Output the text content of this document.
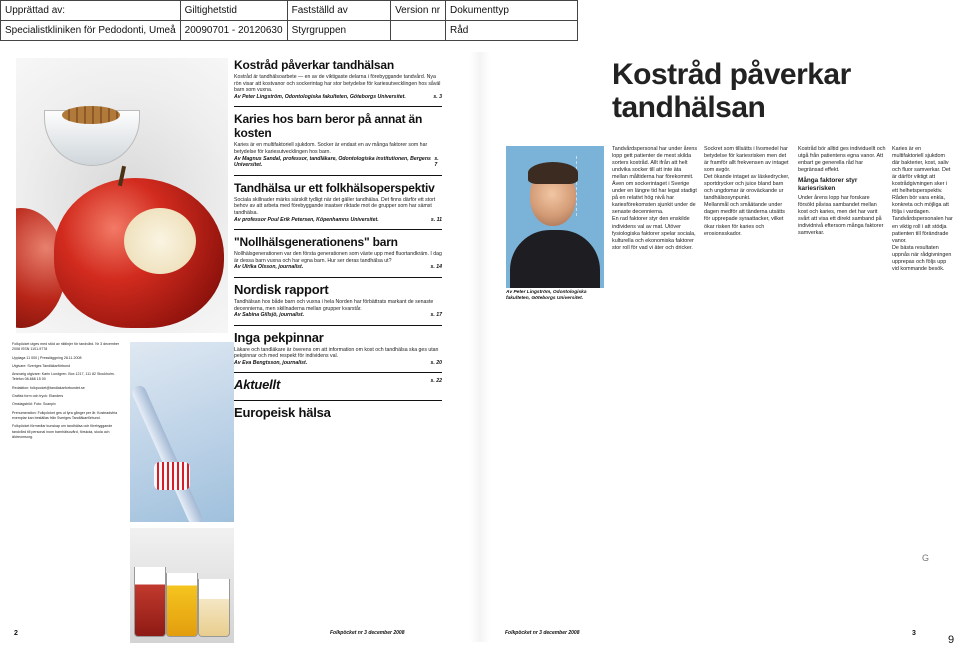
Upprättad av:	Giltighetstid	Fastställd av	Version nr	Dokumenttyp
Specialistkliniken för Pedodonti, Umeå	20090701 - 20120630	Styrgruppen		Råd

Folkpöcket utges med stöd av riktlinjer för tandvård. Nr 3 december 2008 ISSN 1101-9778

Upplaga 11 000 | Pressläggning 28.11.2008

Utgivare: Sveriges Tandläkarförbund

Ansvarig utgivare: Karin Lundgren. Box 1217, 111 82 Stockholm. Telefon 08-666 15 00

Redaktion: folkpocket@tandlakarforbundet.se

Grafisk form och tryck: Elanders

Omslagsbild: Foto: Scanpix

Prenumeration: Folkpöcket ges ut fyra gånger per år. Kostnadsfria exemplar kan beställas från Sveriges Tandläkarförbund.

Folkpöcket förmedlar kunskap om tandhälsa och förebyggande tandvård till personal inom barnhälsovård, förskola, skola och äldreomsorg.

Kostråd påverkar tandhälsan
Kostråd är tandhälsoarbete — en av de viktigaste delarna i förebyggande tandvård. Nya rön visar att kostvanor och sockerintag har stor betydelse för kariesutvecklingen hos såväl barn som vuxna.
Av Peter Lingström, Odontologiska fakulteten, Göteborgs Universitet.	s. 3
Karies hos barn beror på annat än kosten
Karies är en multifaktoriell sjukdom. Socker är endast en av många faktorer som har betydelse för kariesutvecklingen hos barn.
Av Magnus Sandal, professor, tandläkare, Odontologiska institutionen, Bergens Universitet.
s. 7
Tandhälsa ur ett folkhälsoperspektiv
Sociala skillnader märks särskilt tydligt när det gäller tandhälsa. Det finns därför ett stort behov av att arbeta med förebyggande insatser riktade mot de grupper som har sämst tandhälsa.
Av professor Poul Erik Petersen, Köpenhamns Universitet.	s. 11
"Nollhälsgenerationens" barn
Nollhälsgenerationen var den första generationen som växte upp med fluortandkräm. I dag är dessa barn vuxna och har egna barn. Hur ser deras tandhälsa ut?
Av Ulrika Olsson, journalist.	s. 14
Nordisk rapport
Tandhälsan hos både barn och vuxna i hela Norden har förbättrats markant de senaste decennierna, men skillnaderna mellan grupper kvarstår.
Av Sabina Gillsjö, journalist.	s. 17
Inga pekpinnar
Läkare och tandläkare är överens om att information om kost och tandhälsa ska ges utan pekpinnar och med respekt för individens val.
Av Eva Bengtsson, journalist.	s. 20
Aktuellt	s. 22
Europeisk hälsa
2	Folkpöcket nr 3 december 2008	Folkpöcket nr 3 december 2008	3
Kostråd påverkar tandhälsan
Av Peter Lingström, Odontologiska fakulteten, Göteborgs Universitet.

Tandvårdspersonal har under årens lopp gett patienter de mest skilda sorters kostråd. Allt ifrån att helt undvika socker till att inte äta mellan måltiderna har förekommit.

Även om sockerintaget i Sverige under en längre tid har legat stadigt på en relativt hög nivå har kariesförekomsten sjunkit under de senaste decennierna.

En rad faktorer styr den enskilde individens val av mat. Utöver fysiologiska faktorer spelar sociala, kulturella och ekonomiska faktorer stor roll för vad vi äter och dricker.

Sockret som tillsätts i livsmedel har betydelse för kariesrisken men det är framför allt frekvensen av intaget som avgör.

Det ökande intaget av läskedrycker, sportdrycker och juice bland barn och ungdomar är oroväckande ur tandhälsosynpunkt.

Mellanmål och småätande under dagen medför att tänderna utsätts för upprepade syraattacker, vilket ökar risken för karies och erosionsskador.

Kostråd bör alltid ges individuellt och utgå från patientens egna vanor. Att enbart ge generella råd har begränsad effekt.

Många faktorer styr kariesrisken

Under årens lopp har forskare försökt påvisa sambandet mellan kost och karies, men det har varit svårt att visa ett direkt samband på individnivå eftersom många faktorer samverkar.

Karies är en multifaktoriell sjukdom där bakterier, kost, saliv och fluor samverkar. Det är därför viktigt att kostrådgivningen sker i ett helhetsperspektiv.

Råden bör vara enkla, konkreta och möjliga att följa i vardagen. Tandvårdspersonalen har en viktig roll i att stödja patienten till förändrade vanor.

De bästa resultaten uppnås när rådgivningen upprepas och följs upp vid kommande besök.

G
9
